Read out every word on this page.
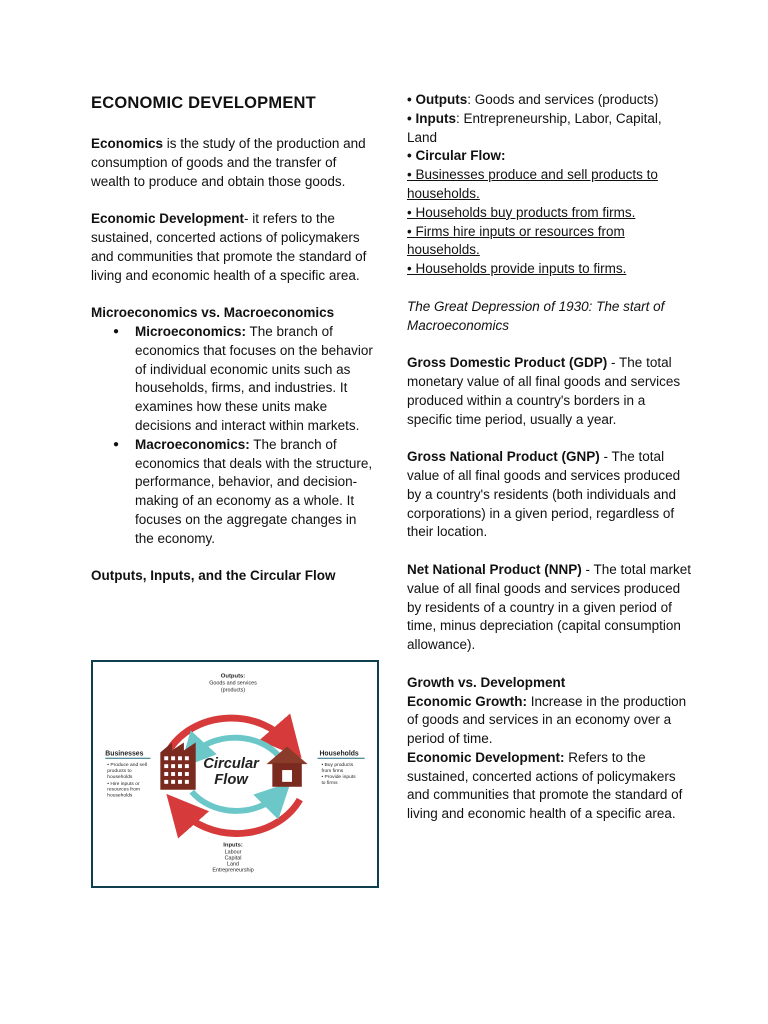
ECONOMIC DEVELOPMENT

Economics is the study of the production and consumption of goods and the transfer of wealth to produce and obtain those goods.

Economic Development- it refers to the sustained, concerted actions of policymakers and communities that promote the standard of living and economic health of a specific area.

Microeconomics vs. Macroeconomics

● Microeconomics: The branch of economics that focuses on the behavior of individual economic units such as households, firms, and industries. It examines how these units make decisions and interact within markets.
● Macroeconomics: The branch of economics that deals with the structure, performance, behavior, and decision-making of an economy as a whole. It focuses on the aggregate changes in the economy.

Outputs, Inputs, and the Circular Flow

Circular
Flow
Outputs:
Goods and services
(products)
Inputs:
Labour
Capital
Land
Entrepreneurship
Businesses
• Produce and sell
products to
households
• Hire inputs or
resources from
households
Households
• Buy products
from firms
• Provide inputs
to firms

• Outputs: Goods and services (products)

• Inputs: Entrepreneurship, Labor, Capital, Land

• Circular Flow:

• Businesses produce and sell products to households.

• Households buy products from firms.

• Firms hire inputs or resources from households.

• Households provide inputs to firms.

The Great Depression of 1930: The start of Macroeconomics

Gross Domestic Product (GDP) - The total monetary value of all final goods and services produced within a country's borders in a specific time period, usually a year.

Gross National Product (GNP) - The total value of all final goods and services produced by a country's residents (both individuals and corporations) in a given period, regardless of their location.

Net National Product (NNP) - The total market value of all final goods and services produced by residents of a country in a given period of time, minus depreciation (capital consumption allowance).

Growth vs. Development

Economic Growth: Increase in the production of goods and services in an economy over a period of time.

Economic Development: Refers to the sustained, concerted actions of policymakers and communities that promote the standard of living and economic health of a specific area.
